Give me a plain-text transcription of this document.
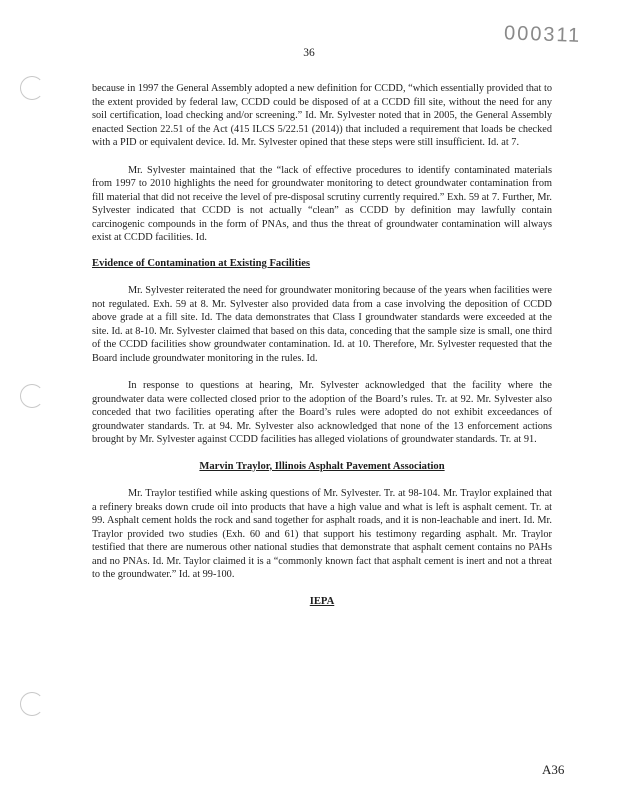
000311
36

because in 1997 the General Assembly adopted a new definition for CCDD, “which essentially provided that to the extent provided by federal law, CCDD could be disposed of at a CCDD fill site, without the need for any soil certification, load checking and/or screening.” Id. Mr. Sylvester noted that in 2005, the General Assembly enacted Section 22.51 of the Act (415 ILCS 5/22.51 (2014)) that included a requirement that loads be checked with a PID or equivalent device. Id. Mr. Sylvester opined that these steps were still insufficient. Id. at 7.

Mr. Sylvester maintained that the “lack of effective procedures to identify contaminated materials from 1997 to 2010 highlights the need for groundwater monitoring to detect groundwater contamination from fill material that did not receive the level of pre-disposal scrutiny currently required.” Exh. 59 at 7. Further, Mr. Sylvester indicated that CCDD is not actually “clean” as CCDD by definition may lawfully contain carcinogenic compounds in the form of PNAs, and thus the threat of groundwater contamination will always exist at CCDD facilities. Id.

Evidence of Contamination at Existing Facilities

Mr. Sylvester reiterated the need for groundwater monitoring because of the years when facilities were not regulated. Exh. 59 at 8. Mr. Sylvester also provided data from a case involving the deposition of CCDD above grade at a fill site. Id. The data demonstrates that Class I groundwater standards were exceeded at the site. Id. at 8-10. Mr. Sylvester claimed that based on this data, conceding that the sample size is small, one third of the CCDD facilities show groundwater contamination. Id. at 10. Therefore, Mr. Sylvester requested that the Board include groundwater monitoring in the rules. Id.

In response to questions at hearing, Mr. Sylvester acknowledged that the facility where the groundwater data were collected closed prior to the adoption of the Board’s rules. Tr. at 92. Mr. Sylvester also conceded that two facilities operating after the Board’s rules were adopted do not exhibit exceedances of groundwater standards. Tr. at 94. Mr. Sylvester also acknowledged that none of the 13 enforcement actions brought by Mr. Sylvester against CCDD facilities has alleged violations of groundwater standards. Tr. at 91.

Marvin Traylor, Illinois Asphalt Pavement Association

Mr. Traylor testified while asking questions of Mr. Sylvester. Tr. at 98-104. Mr. Traylor explained that a refinery breaks down crude oil into products that have a high value and what is left is asphalt cement. Tr. at 99. Asphalt cement holds the rock and sand together for asphalt roads, and it is non-leachable and inert. Id. Mr. Traylor provided two studies (Exh. 60 and 61) that support his testimony regarding asphalt. Mr. Traylor testified that there are numerous other national studies that demonstrate that asphalt cement contains no PAHs and no PNAs. Id. Mr. Taylor claimed it is a “commonly known fact that asphalt cement is inert and not a threat to the groundwater.” Id. at 99-100.

IEPA
A36
